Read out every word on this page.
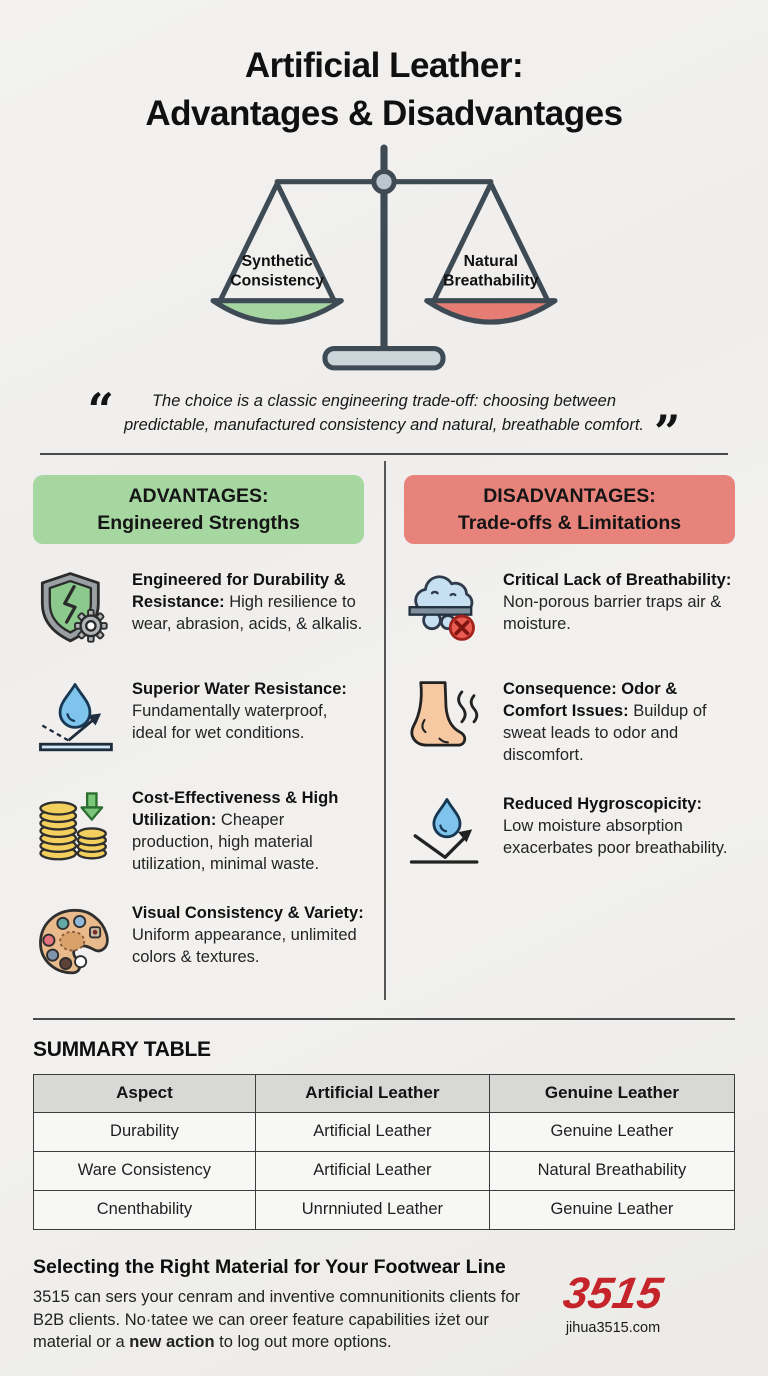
Artificial Leather:
Advantages & Disadvantages
Synthetic
Consistency
Natural
Breathability
“	The choice is a classic engineering trade-off: choosing between
predictable, manufactured consistency and natural, breathable comfort. ”
ADVANTAGES:
Engineered Strengths
Engineered for Durability & Resistance: High resilience to wear, abrasion, acids, & alkalis.
Superior Water Resistance: Fundamentally waterproof, ideal for wet conditions.
Cost-Effectiveness & High Utilization: Cheaper production, high material utilization, minimal waste.
Visual Consistency & Variety: Uniform appearance, unlimited colors & textures.
DISADVANTAGES:
Trade-offs & Limitations
Critical Lack of Breathability: Non-porous barrier traps air & moisture.
Consequence: Odor & Comfort Issues: Buildup of sweat leads to odor and discomfort.
Reduced Hygroscopicity: Low moisture absorption exacerbates poor breathability.
SUMMARY TABLE
Aspect	Artificial Leather	Genuine Leather
Durability	Artificial Leather	Genuine Leather
Ware Consistency	Artificial Leather	Natural Breathability
Cnenthability	Unrnniuted Leather	Genuine Leather
Selecting the Right Material for Your Footwear Line

3515 can sers your cenram and inventive comnunitionits clients for B2B clients. No·tatee we can oreer feature capabilities iżet our material or a new action to log out more options.

3515
jihua3515.com
